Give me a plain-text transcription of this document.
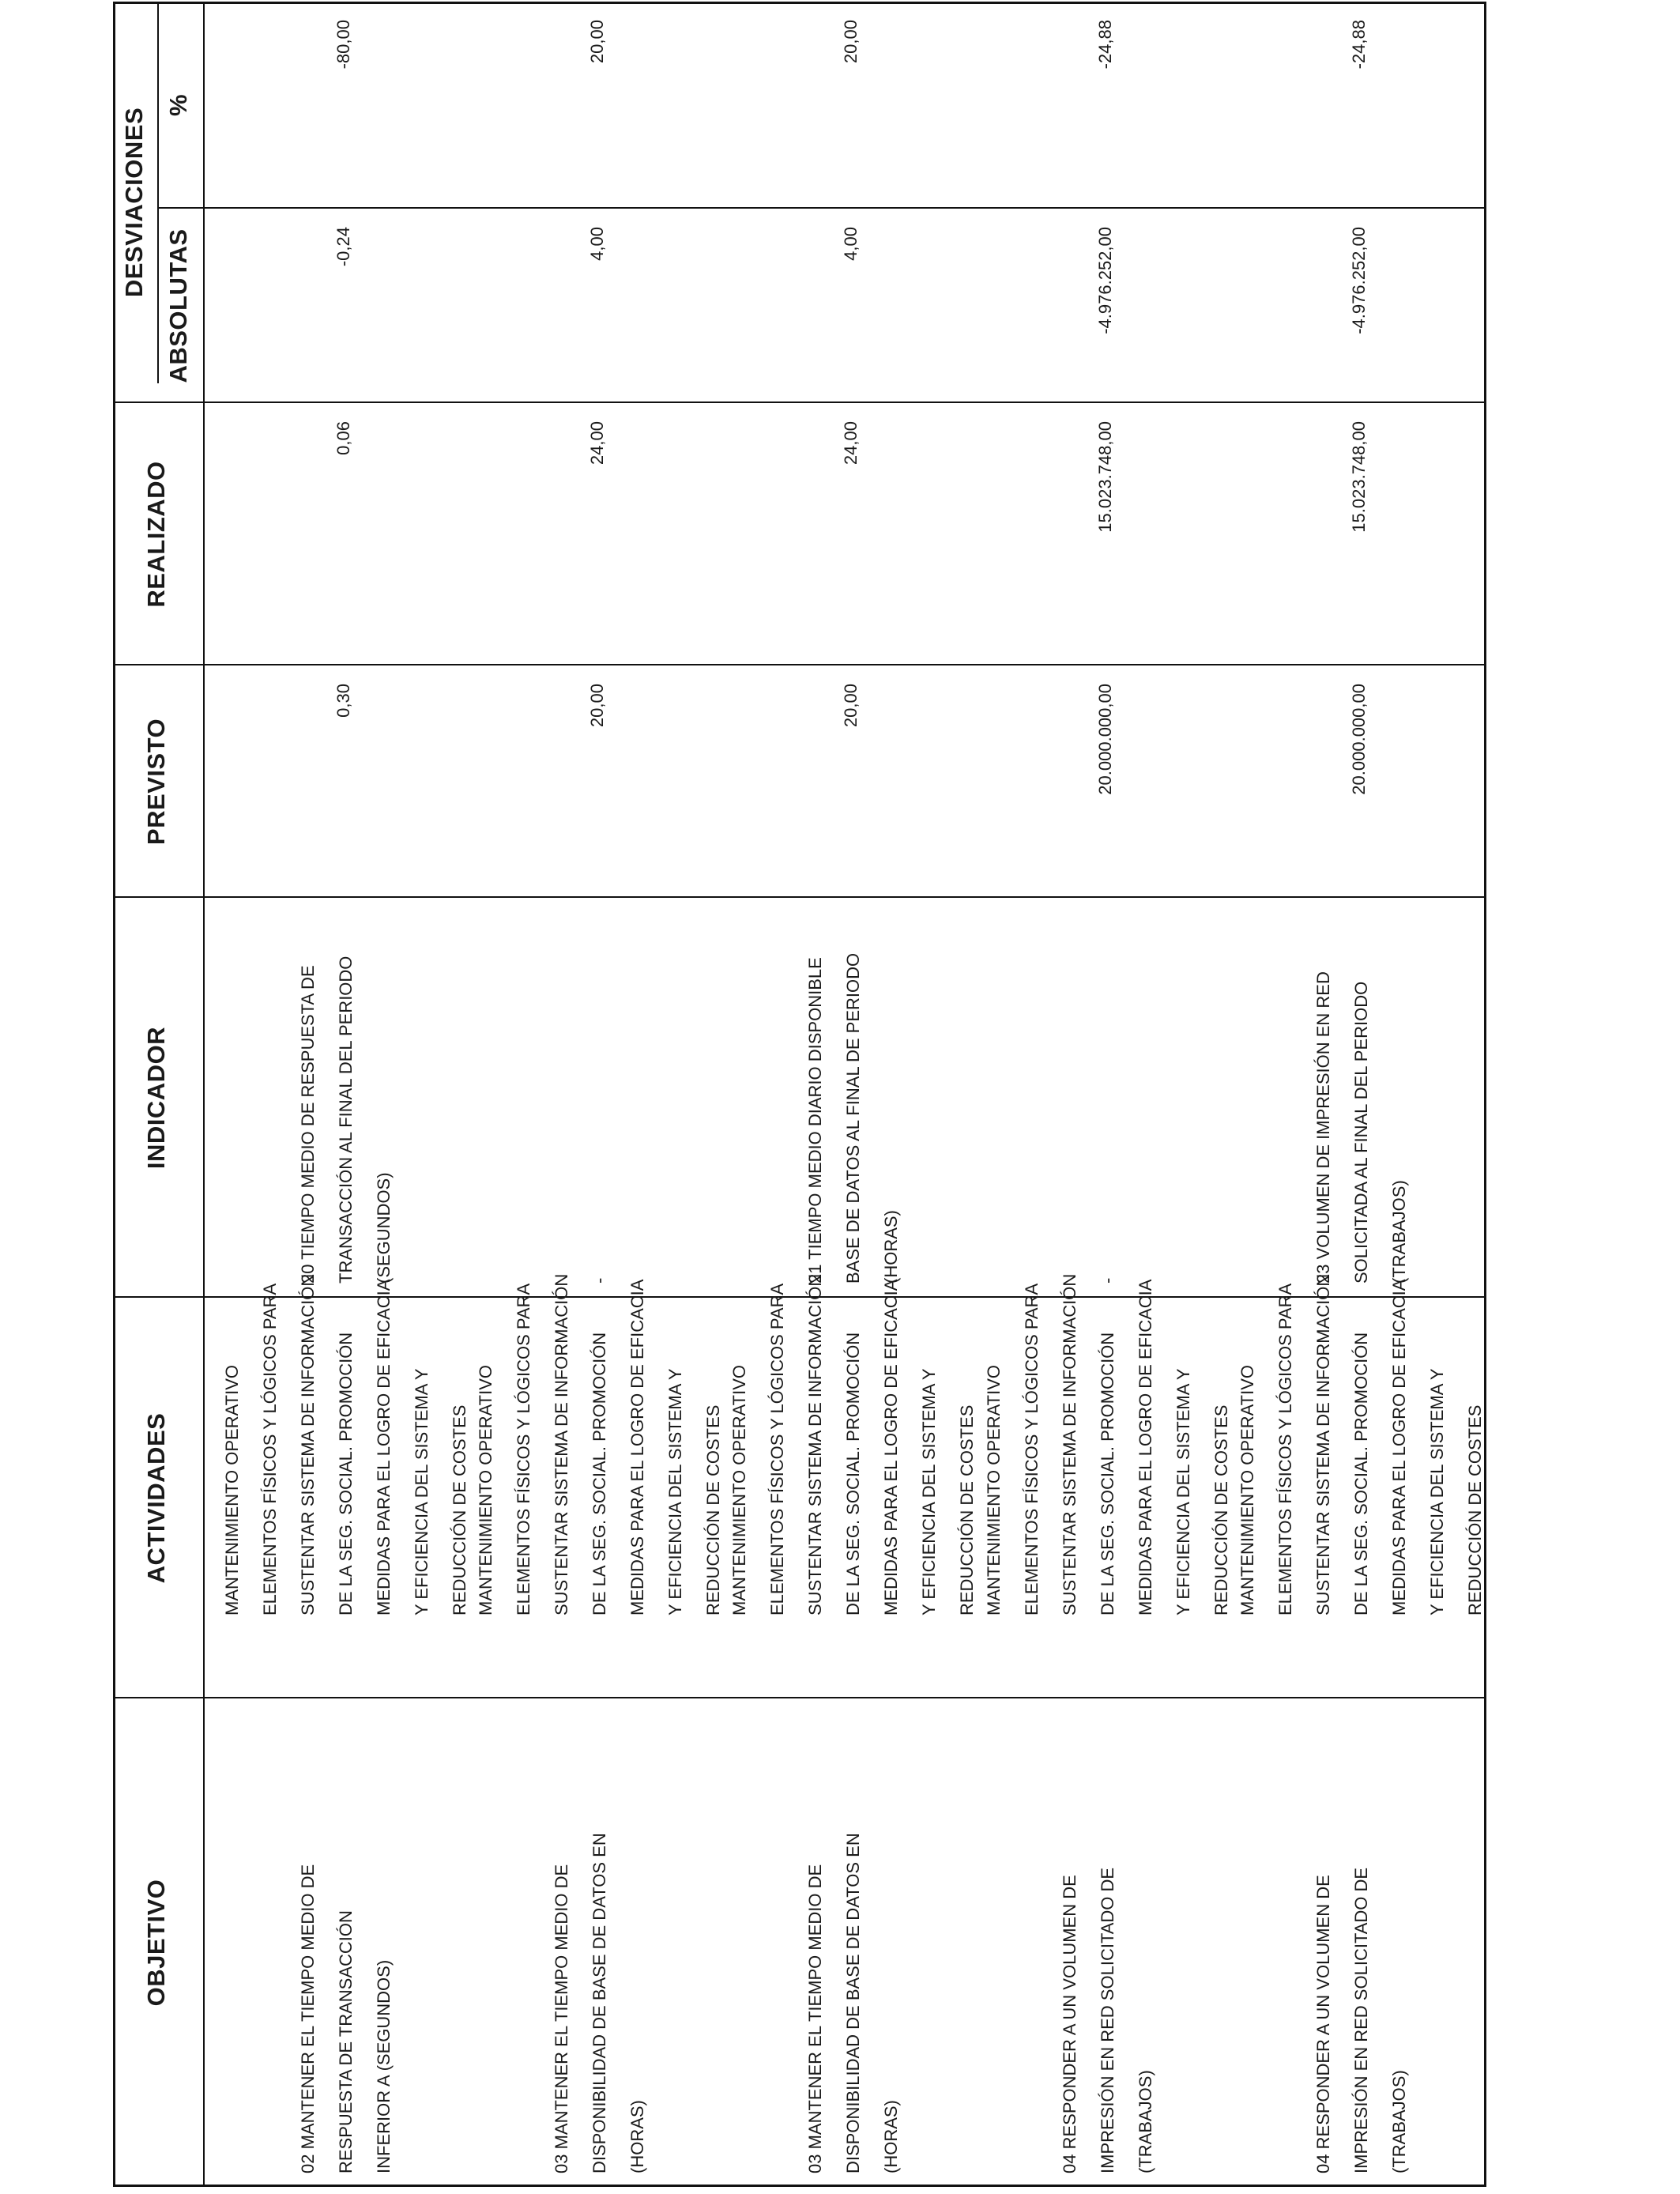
OBJETIVO
ACTIVIDADES
INDICADOR
PREVISTO
REALIZADO
DESVIACIONES
ABSOLUTAS
%
02 MANTENER EL TIEMPO MEDIO DE
RESPUESTA DE TRANSACCIÓN
INFERIOR A (SEGUNDOS)
MANTENIMIENTO OPERATIVO
ELEMENTOS FÍSICOS Y LÓGICOS PARA
SUSTENTAR SISTEMA DE INFORMACIÓN
DE LA SEG. SOCIAL. PROMOCIÓN
MEDIDAS PARA EL LOGRO DE EFICACIA
Y EFICIENCIA DEL SISTEMA Y
REDUCCIÓN DE COSTES
20 TIEMPO MEDIO DE RESPUESTA DE
TRANSACCIÓN AL FINAL DEL PERIODO
(SEGUNDOS)
0,30
0,06
-0,24
-80,00
03 MANTENER EL TIEMPO MEDIO DE
DISPONIBILIDAD DE BASE DE DATOS EN
(HORAS)
MANTENIMIENTO OPERATIVO
ELEMENTOS FÍSICOS Y LÓGICOS PARA
SUSTENTAR SISTEMA DE INFORMACIÓN
DE LA SEG. SOCIAL. PROMOCIÓN
MEDIDAS PARA EL LOGRO DE EFICACIA
Y EFICIENCIA DEL SISTEMA Y
REDUCCIÓN DE COSTES
-
20,00
24,00
4,00
20,00
03 MANTENER EL TIEMPO MEDIO DE
DISPONIBILIDAD DE BASE DE DATOS EN
(HORAS)
MANTENIMIENTO OPERATIVO
ELEMENTOS FÍSICOS Y LÓGICOS PARA
SUSTENTAR SISTEMA DE INFORMACIÓN
DE LA SEG. SOCIAL. PROMOCIÓN
MEDIDAS PARA EL LOGRO DE EFICACIA
Y EFICIENCIA DEL SISTEMA Y
REDUCCIÓN DE COSTES
21 TIEMPO MEDIO DIARIO DISPONIBLE
BASE DE DATOS AL FINAL DE PERIODO
(HORAS)
20,00
24,00
4,00
20,00
04 RESPONDER A UN VOLUMEN DE
IMPRESIÓN EN RED SOLICITADO DE
(TRABAJOS)
MANTENIMIENTO OPERATIVO
ELEMENTOS FÍSICOS Y LÓGICOS PARA
SUSTENTAR SISTEMA DE INFORMACIÓN
DE LA SEG. SOCIAL. PROMOCIÓN
MEDIDAS PARA EL LOGRO DE EFICACIA
Y EFICIENCIA DEL SISTEMA Y
REDUCCIÓN DE COSTES
-
20.000.000,00
15.023.748,00
-4.976.252,00
-24,88
04 RESPONDER A UN VOLUMEN DE
IMPRESIÓN EN RED SOLICITADO DE
(TRABAJOS)
MANTENIMIENTO OPERATIVO
ELEMENTOS FÍSICOS Y LÓGICOS PARA
SUSTENTAR SISTEMA DE INFORMACIÓN
DE LA SEG. SOCIAL. PROMOCIÓN
MEDIDAS PARA EL LOGRO DE EFICACIA
Y EFICIENCIA DEL SISTEMA Y
REDUCCIÓN DE COSTES
23 VOLUMEN DE IMPRESIÓN EN RED
SOLICITADA AL FINAL DEL PERIODO
(TRABAJOS)
20.000.000,00
15.023.748,00
-4.976.252,00
-24,88
